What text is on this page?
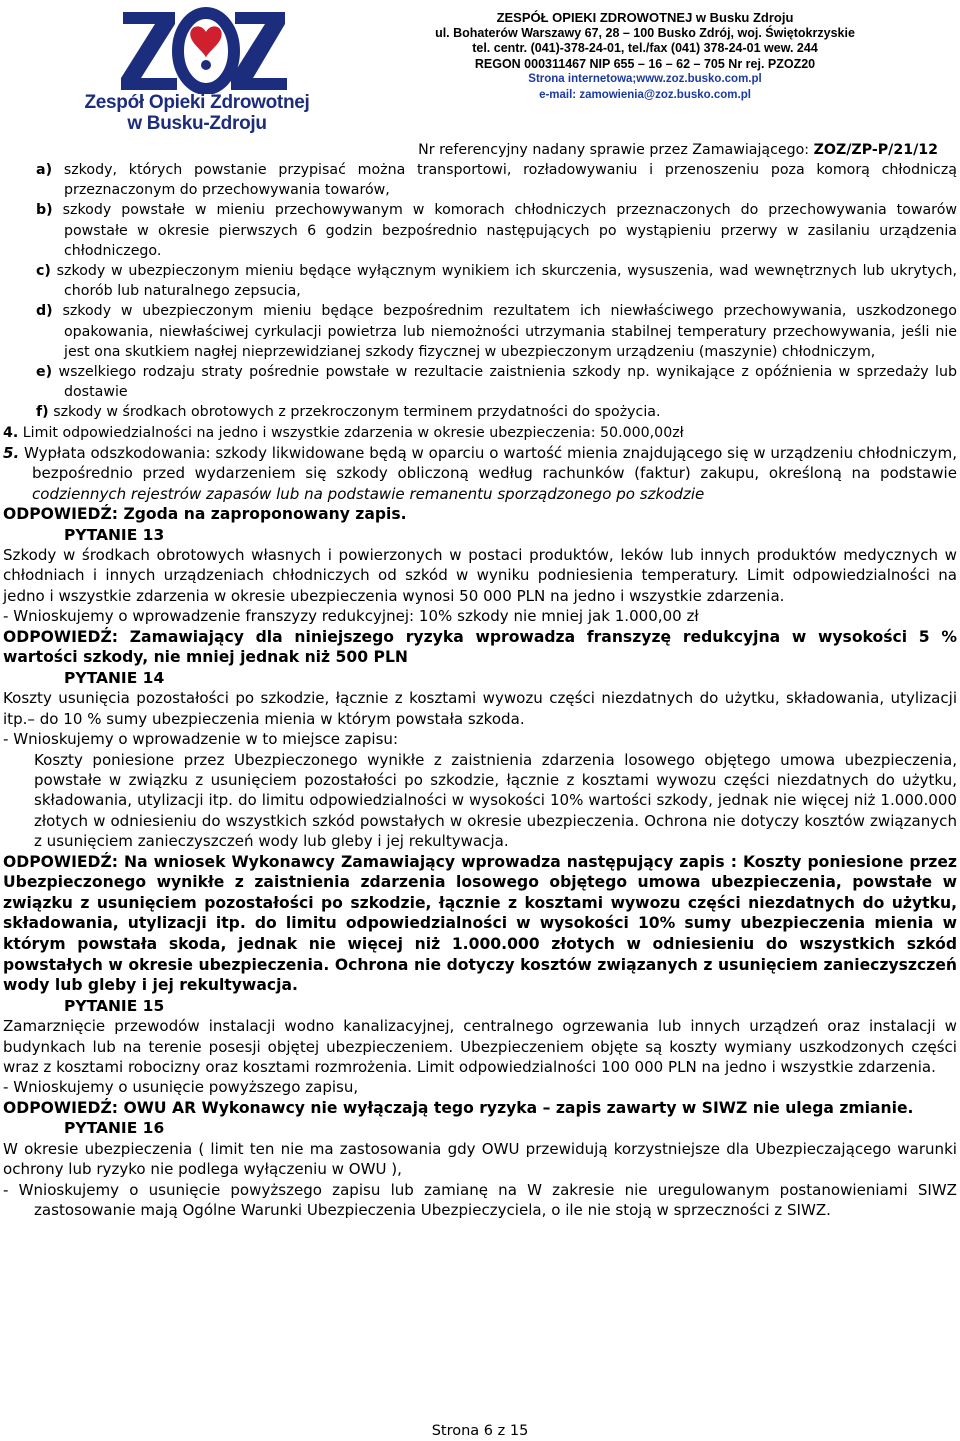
Zespół Opieki Zdrowotnej
w Busku-Zdroju
ZESPÓŁ OPIEKI ZDROWOTNEJ w Busku Zdroju
ul. Bohaterów Warszawy 67, 28 – 100 Busko Zdrój, woj. Świętokrzyskie
tel. centr. (041)-378-24-01, tel./fax (041) 378-24-01 wew. 244
REGON 000311467 NIP 655 – 16 – 62 – 705 Nr rej. PZOZ20
Strona internetowa;www.zoz.busko.com.pl
e-mail: zamowienia@zoz.busko.com.pl
Nr referencyjny nadany sprawie przez Zamawiającego: ZOZ/ZP-P/21/12

a) szkody, których powstanie przypisać można transportowi, rozładowywaniu i przenoszeniu poza komorą chłodniczą przeznaczonym do przechowywania towarów,

b) szkody powstałe w mieniu przechowywanym w komorach chłodniczych przeznaczonych do przechowywania towarów powstałe w okresie pierwszych 6 godzin bezpośrednio następujących po wystąpieniu przerwy w zasilaniu urządzenia chłodniczego.

c) szkody w ubezpieczonym mieniu będące wyłącznym wynikiem ich skurczenia, wysuszenia, wad wewnętrznych lub ukrytych, chorób lub naturalnego zepsucia,

d) szkody w ubezpieczonym mieniu będące bezpośrednim rezultatem ich niewłaściwego przechowywania, uszkodzonego opakowania, niewłaściwej cyrkulacji powietrza lub niemożności utrzymania stabilnej temperatury przechowywania, jeśli nie jest ona skutkiem nagłej nieprzewidzianej szkody fizycznej w ubezpieczonym urządzeniu (maszynie) chłodniczym,

e) wszelkiego rodzaju straty pośrednie powstałe w rezultacie zaistnienia szkody np. wynikające z opóźnienia w sprzedaży lub dostawie

f) szkody w środkach obrotowych z przekroczonym terminem przydatności do spożycia.

4. Limit odpowiedzialności na jedno i wszystkie zdarzenia w okresie ubezpieczenia: 50.000,00zł

5. Wypłata odszkodowania: szkody likwidowane będą w oparciu o wartość mienia znajdującego się w urządzeniu chłodniczym, bezpośrednio przed wydarzeniem się szkody obliczoną według rachunków (faktur) zakupu, określoną na podstawie codziennych rejestrów zapasów lub na podstawie remanentu sporządzonego po szkodzie

ODPOWIEDŹ: Zgoda na zaproponowany zapis.

PYTANIE 13

Szkody w środkach obrotowych własnych i powierzonych w postaci produktów, leków lub innych produktów medycznych w chłodniach i innych urządzeniach chłodniczych od szkód w wyniku podniesienia temperatury. Limit odpowiedzialności na jedno i wszystkie zdarzenia w okresie ubezpieczenia wynosi 50 000 PLN na jedno i wszystkie zdarzenia.

- Wnioskujemy o wprowadzenie franszyzy redukcyjnej: 10% szkody nie mniej jak 1.000,00 zł

ODPOWIEDŹ: Zamawiający dla niniejszego ryzyka wprowadza franszyzę redukcyjna w wysokości 5 % wartości szkody, nie mniej jednak niż 500 PLN

PYTANIE 14

Koszty usunięcia pozostałości po szkodzie, łącznie z kosztami wywozu części niezdatnych do użytku, składowania, utylizacji itp.– do 10 % sumy ubezpieczenia mienia w którym powstała szkoda.

- Wnioskujemy o wprowadzenie w to miejsce zapisu:

Koszty poniesione przez Ubezpieczonego wynikłe z zaistnienia zdarzenia losowego objętego umowa ubezpieczenia, powstałe w związku z usunięciem pozostałości po szkodzie, łącznie z kosztami wywozu części niezdatnych do użytku, składowania, utylizacji itp. do limitu odpowiedzialności w wysokości 10% wartości szkody, jednak nie więcej niż 1.000.000 złotych w odniesieniu do wszystkich szkód powstałych w okresie ubezpieczenia. Ochrona nie dotyczy kosztów związanych z usunięciem zanieczyszczeń wody lub gleby i jej rekultywacja.

ODPOWIEDŹ: Na wniosek Wykonawcy Zamawiający wprowadza następujący zapis : Koszty poniesione przez Ubezpieczonego wynikłe z zaistnienia zdarzenia losowego objętego umowa ubezpieczenia, powstałe w związku z usunięciem pozostałości po szkodzie, łącznie z kosztami wywozu części niezdatnych do użytku, składowania, utylizacji itp. do limitu odpowiedzialności w wysokości 10% sumy ubezpieczenia mienia w którym powstała skoda, jednak nie więcej niż 1.000.000 złotych w odniesieniu do wszystkich szkód powstałych w okresie ubezpieczenia. Ochrona nie dotyczy kosztów związanych z usunięciem zanieczyszczeń wody lub gleby i jej rekultywacja.

PYTANIE 15

Zamarznięcie przewodów instalacji wodno kanalizacyjnej, centralnego ogrzewania lub innych urządzeń oraz instalacji w budynkach lub na terenie posesji objętej ubezpieczeniem. Ubezpieczeniem objęte są koszty wymiany uszkodzonych części wraz z kosztami robocizny oraz kosztami rozmrożenia. Limit odpowiedzialności 100 000 PLN na jedno i wszystkie zdarzenia.

- Wnioskujemy o usunięcie powyższego zapisu,

ODPOWIEDŹ: OWU AR Wykonawcy nie wyłączają tego ryzyka – zapis zawarty w SIWZ nie ulega zmianie.

PYTANIE 16

W okresie ubezpieczenia ( limit ten nie ma zastosowania gdy OWU przewidują korzystniejsze dla Ubezpieczającego warunki ochrony lub ryzyko nie podlega wyłączeniu w OWU ),

- Wnioskujemy o usunięcie powyższego zapisu lub zamianę na W zakresie nie uregulowanym postanowieniami SIWZ zastosowanie mają Ogólne Warunki Ubezpieczenia Ubezpieczyciela, o ile nie stoją w sprzeczności z SIWZ.

Strona 6 z 15
